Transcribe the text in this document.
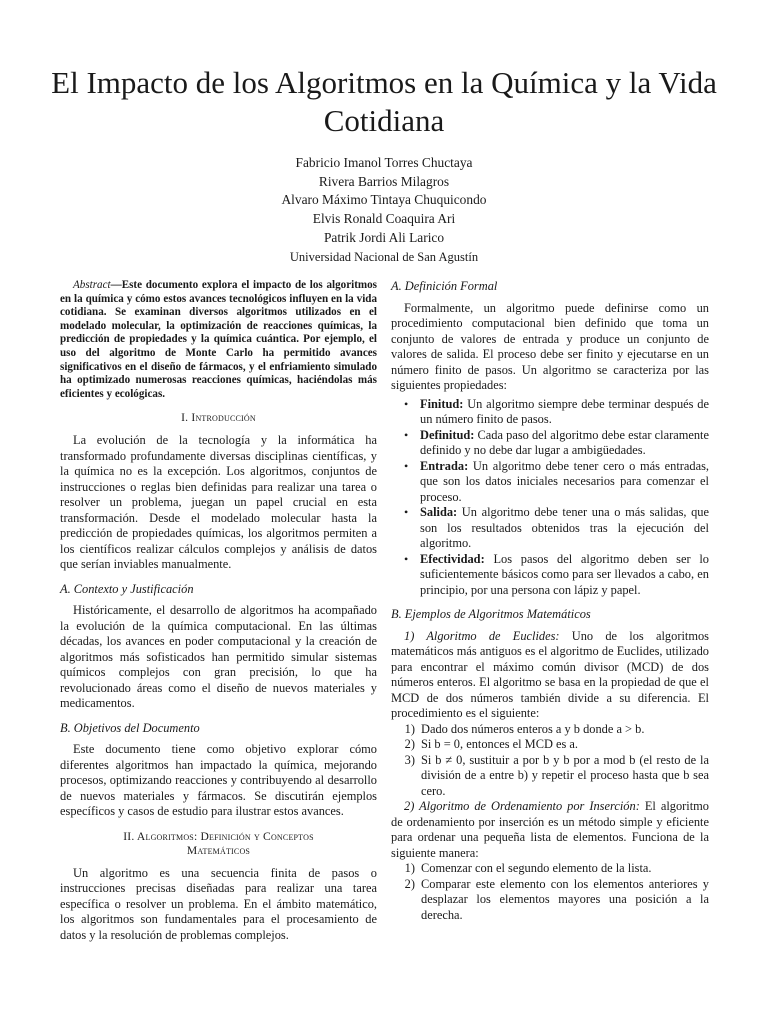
El Impacto de los Algoritmos en la Química y la Vida Cotidiana
Fabricio Imanol Torres Chuctaya
Rivera Barrios Milagros
Alvaro Máximo Tintaya Chuquicondo
Elvis Ronald Coaquira Ari
Patrik Jordi Ali Larico
Universidad Nacional de San Agustín

Abstract—Este documento explora el impacto de los algoritmos en la química y cómo estos avances tecnológicos influyen en la vida cotidiana. Se examinan diversos algoritmos utilizados en el modelado molecular, la optimización de reacciones químicas, la predicción de propiedades y la química cuántica. Por ejemplo, el uso del algoritmo de Monte Carlo ha permitido avances significativos en el diseño de fármacos, y el enfriamiento simulado ha optimizado numerosas reacciones químicas, haciéndolas más eficientes y ecológicas.

I. Introducción

La evolución de la tecnología y la informática ha transformado profundamente diversas disciplinas científicas, y la química no es la excepción. Los algoritmos, conjuntos de instrucciones o reglas bien definidas para realizar una tarea o resolver un problema, juegan un papel crucial en esta transformación. Desde el modelado molecular hasta la predicción de propiedades químicas, los algoritmos permiten a los científicos realizar cálculos complejos y análisis de datos que serían inviables manualmente.

A. Contexto y Justificación

Históricamente, el desarrollo de algoritmos ha acompañado la evolución de la química computacional. En las últimas décadas, los avances en poder computacional y la creación de algoritmos más sofisticados han permitido simular sistemas químicos complejos con gran precisión, lo que ha revolucionado áreas como el diseño de nuevos materiales y medicamentos.

B. Objetivos del Documento

Este documento tiene como objetivo explorar cómo diferentes algoritmos han impactado la química, mejorando procesos, optimizando reacciones y contribuyendo al desarrollo de nuevos materiales y fármacos. Se discutirán ejemplos específicos y casos de estudio para ilustrar estos avances.

II. Algoritmos: Definición y Conceptos
Matemáticos

Un algoritmo es una secuencia finita de pasos o instrucciones precisas diseñadas para realizar una tarea específica o resolver un problema. En el ámbito matemático, los algoritmos son fundamentales para el procesamiento de datos y la resolución de problemas complejos.

A. Definición Formal

Formalmente, un algoritmo puede definirse como un procedimiento computacional bien definido que toma un conjunto de valores de entrada y produce un conjunto de valores de salida. El proceso debe ser finito y ejecutarse en un número finito de pasos. Un algoritmo se caracteriza por las siguientes propiedades:

• Finitud: Un algoritmo siempre debe terminar después de un número finito de pasos.
• Definitud: Cada paso del algoritmo debe estar claramente definido y no debe dar lugar a ambigüedades.
• Entrada: Un algoritmo debe tener cero o más entradas, que son los datos iniciales necesarios para comenzar el proceso.
• Salida: Un algoritmo debe tener una o más salidas, que son los resultados obtenidos tras la ejecución del algoritmo.
• Efectividad: Los pasos del algoritmo deben ser lo suficientemente básicos como para ser llevados a cabo, en principio, por una persona con lápiz y papel.
B. Ejemplos de Algoritmos Matemáticos

1) Algoritmo de Euclides: Uno de los algoritmos matemáticos más antiguos es el algoritmo de Euclides, utilizado para encontrar el máximo común divisor (MCD) de dos números enteros. El algoritmo se basa en la propiedad de que el MCD de dos números también divide a su diferencia. El procedimiento es el siguiente:

1) Dado dos números enteros a y b donde a > b.
2) Si b = 0, entonces el MCD es a.
3) Si b ≠ 0, sustituir a por b y b por a mod b (el resto de la división de a entre b) y repetir el proceso hasta que b sea cero.

2) Algoritmo de Ordenamiento por Inserción: El algoritmo de ordenamiento por inserción es un método simple y eficiente para ordenar una pequeña lista de elementos. Funciona de la siguiente manera:

1) Comenzar con el segundo elemento de la lista.
2) Comparar este elemento con los elementos anteriores y desplazar los elementos mayores una posición a la derecha.
